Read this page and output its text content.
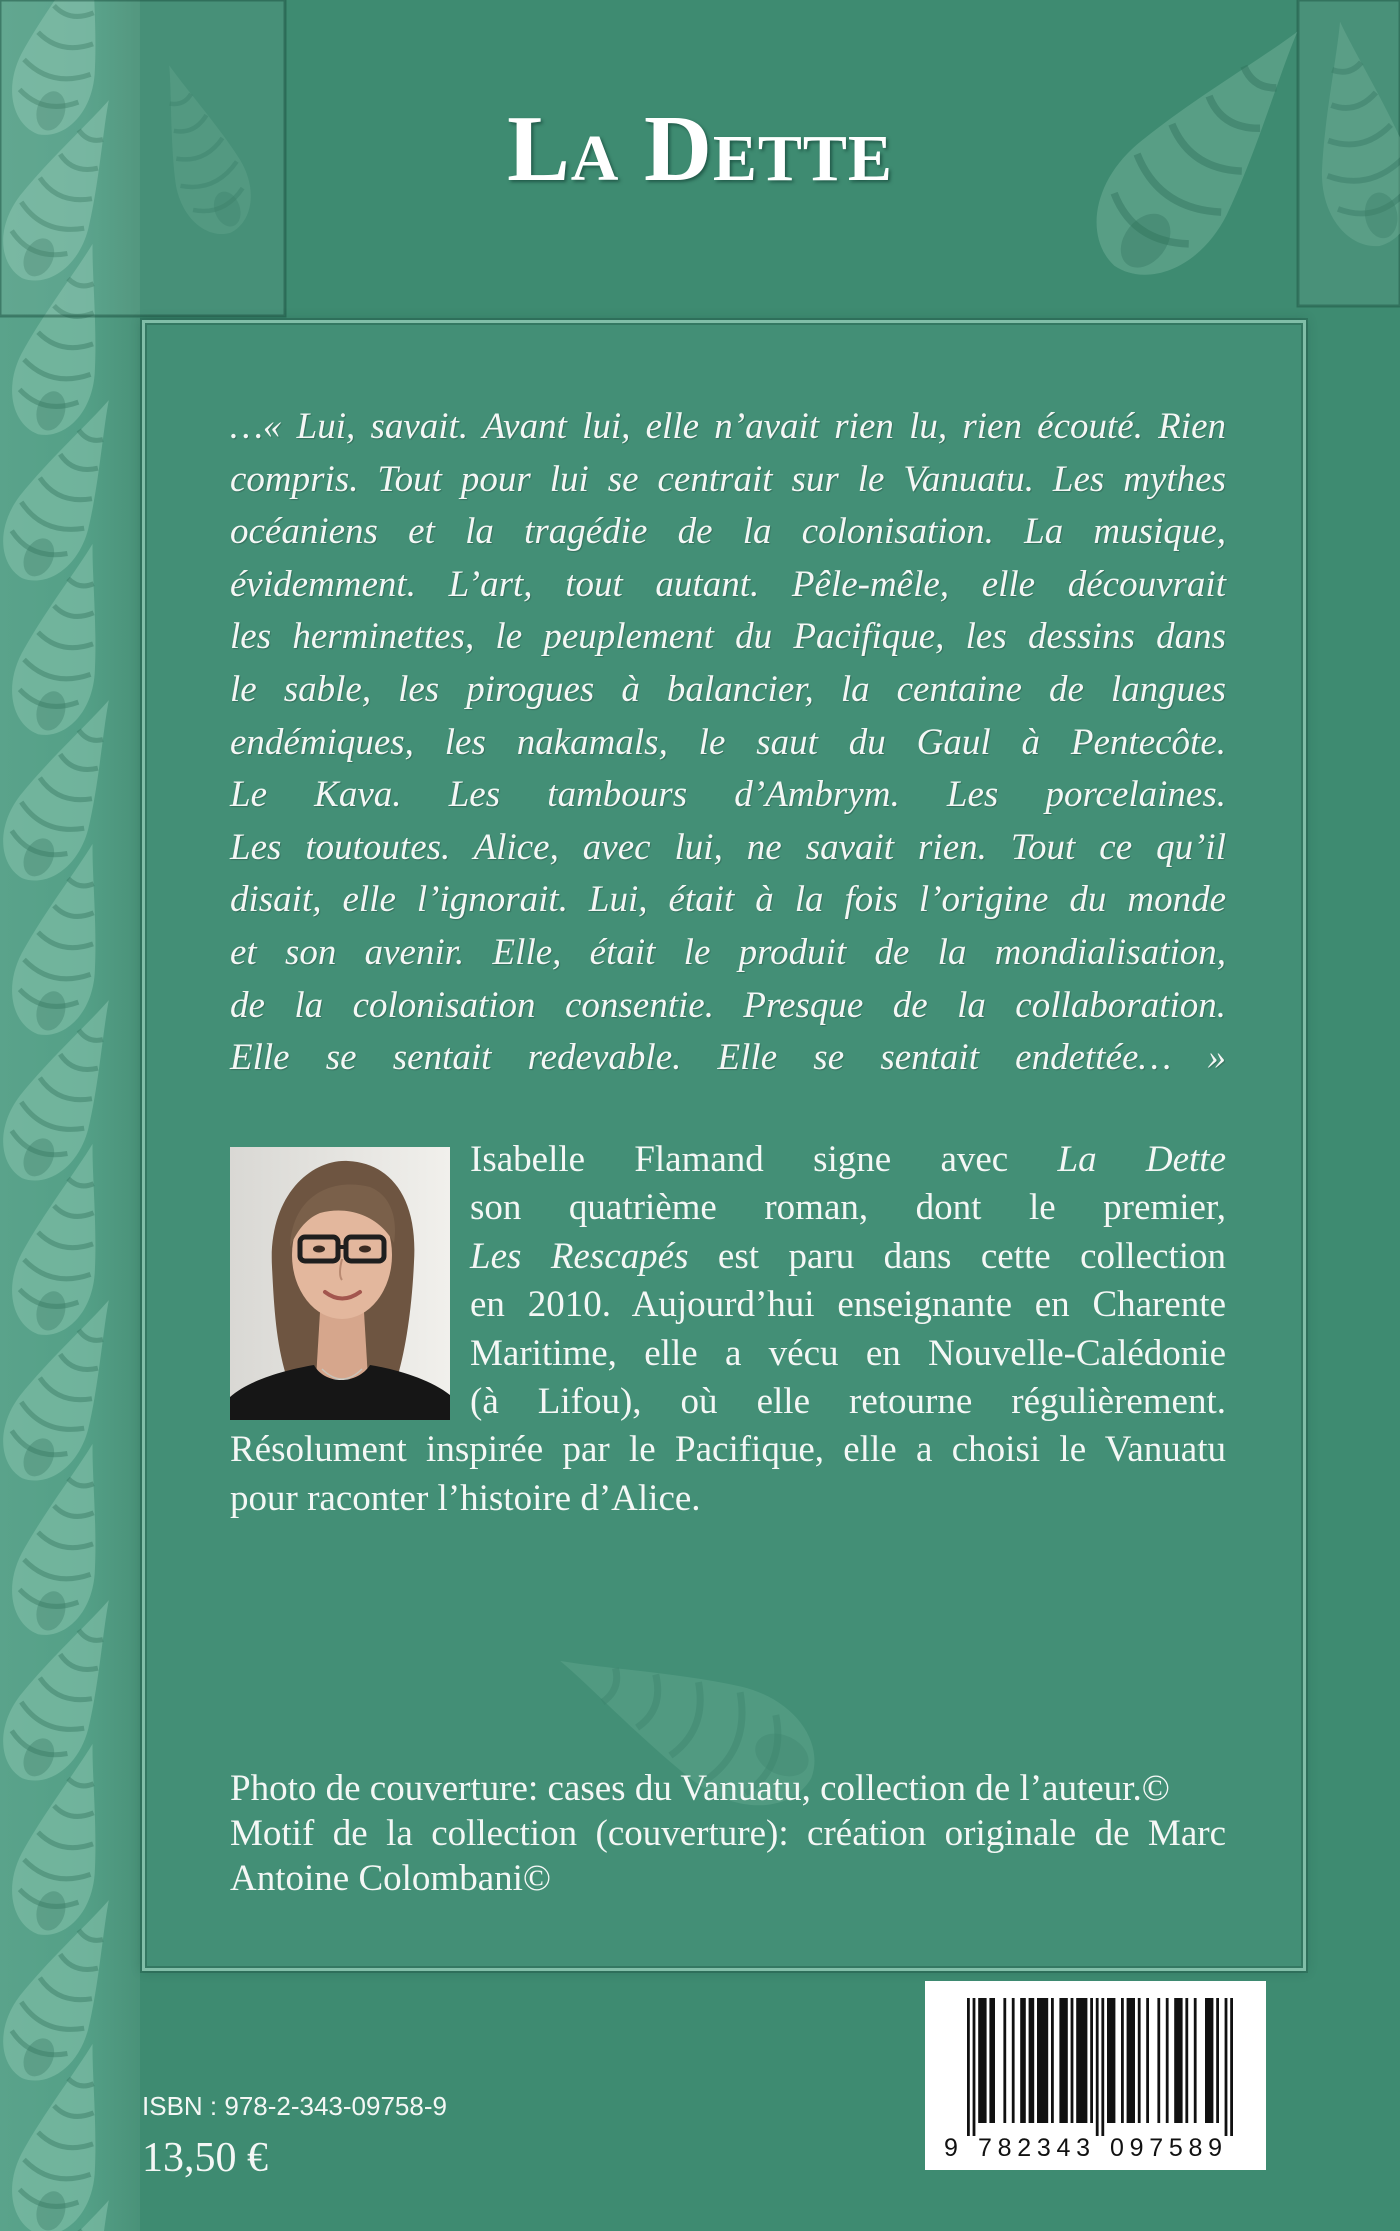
La Dette
…« Lui, savait. Avant lui, elle n’avait rien lu, rien écouté. Rien
compris. Tout pour lui se centrait sur le Vanuatu. Les mythes
océaniens et la tragédie de la colonisation. La musique,
évidemment. L’art, tout autant. Pêle-mêle, elle découvrait
les herminettes, le peuplement du Pacifique, les dessins dans
le sable, les pirogues à balancier, la centaine de langues
endémiques, les nakamals, le saut du Gaul à Pentecôte.
Le Kava. Les tambours d’Ambrym. Les porcelaines.
Les toutoutes. Alice, avec lui, ne savait rien. Tout ce qu’il
disait, elle l’ignorait. Lui, était à la fois l’origine du monde
et son avenir. Elle, était le produit de la mondialisation,
de la colonisation consentie. Presque de la collaboration.
Elle se sentait redevable. Elle se sentait endettée… »
Isabelle Flamand signe avec La Dette
son quatrième roman, dont le premier,
Les Rescapés est paru dans cette collection
en 2010. Aujourd’hui enseignante en Charente
Maritime, elle a vécu en Nouvelle-Calédonie
(à Lifou), où elle retourne régulièrement.
Résolument inspirée par le Pacifique, elle a choisi le Vanuatu
pour raconter l’histoire d’Alice.
Photo de couverture: cases du Vanuatu, collection de l’auteur.©
Motif de la collection (couverture): création originale de Marc
Antoine Colombani©
ISBN : 978-2-343-09758-9
13,50 €	9 782343 097589
